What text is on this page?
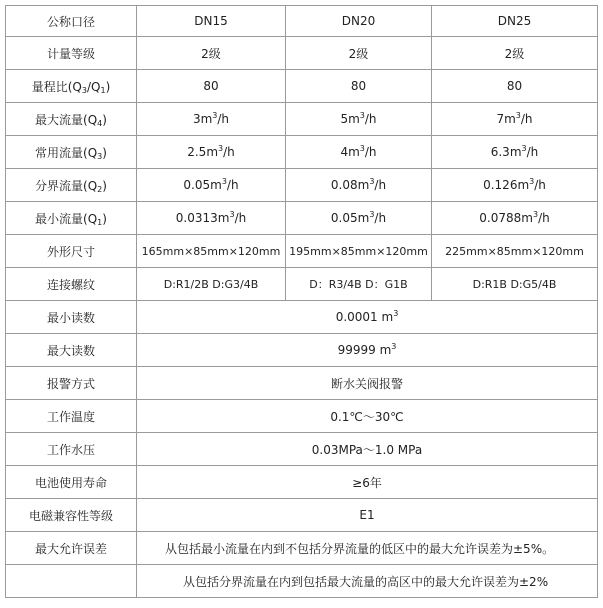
公称口径	DN15	DN20	DN25
计量等级	2级	2级	2级
量程比$(Q_3/Q_1)$	80	80	80
最大流量$(Q_4)$	$3m^3/h$	$5m^3/h$	$7m^3/h$
常用流量$(Q_3)$	$2.5m^3/h$	$4m^3/h$	$6.3m^3/h$
分界流量$(Q_2)$	$0.05m^3/h$	$0.08m^3/h$	$0.126m^3/h$
最小流量$(Q_1)$	$0.0313m^3/h$	$0.05m^3/h$	$0.0788m^3/h$
外形尺寸	165mm×85mm×120mm	195mm×85mm×120mm	225mm×85mm×120mm
连接螺纹	D:R1/2B D:G3/4B	D：R3/4B D：G1B	D:R1B D:G5/4B
最小读数	0.0001 $m^3$
最大读数	99999 $m^3$
报警方式	断水关阀报警		
工作温度	0.1℃～30℃		
工作水压	0.03MPa～1.0 MPa		
电池使用寿命	≥6年		
电磁兼容性等级	E1		
最大允许误差	从包括最小流量在内到不包括分界流量的低区中的最大允许误差为±5%。		
	从包括分界流量在内到包括最大流量的高区中的最大允许误差为±2%		
